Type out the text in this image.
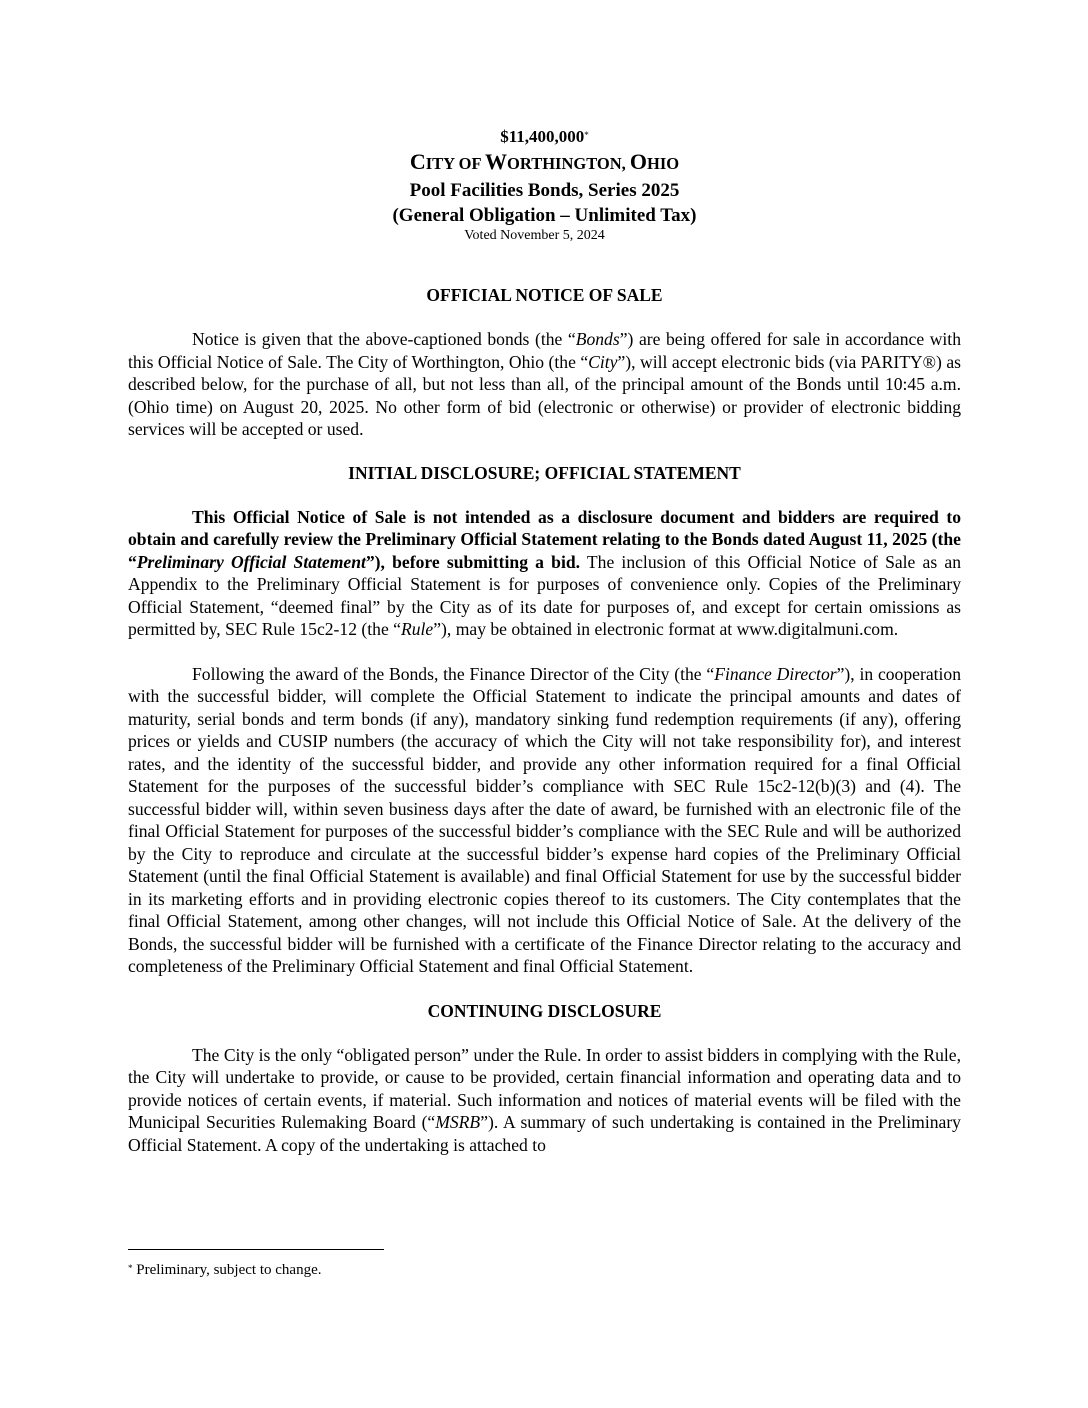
$11,400,000*
CITY OF WORTHINGTON, OHIO
Pool Facilities Bonds, Series 2025
(General Obligation – Unlimited Tax)
Voted November 5, 2024
OFFICIAL NOTICE OF SALE

Notice is given that the above-captioned bonds (the “Bonds”) are being offered for sale in accordance with this Official Notice of Sale. The City of Worthington, Ohio (the “City”), will accept electronic bids (via PARITY®) as described below, for the purchase of all, but not less than all, of the principal amount of the Bonds until 10:45 a.m. (Ohio time) on August 20, 2025. No other form of bid (electronic or otherwise) or provider of electronic bidding services will be accepted or used.

INITIAL DISCLOSURE; OFFICIAL STATEMENT

This Official Notice of Sale is not intended as a disclosure document and bidders are required to obtain and carefully review the Preliminary Official Statement relating to the Bonds dated August 11, 2025 (the “Preliminary Official Statement”), before submitting a bid. The inclusion of this Official Notice of Sale as an Appendix to the Preliminary Official Statement is for purposes of convenience only. Copies of the Preliminary Official Statement, “deemed final” by the City as of its date for purposes of, and except for certain omissions as permitted by, SEC Rule 15c2-12 (the “Rule”), may be obtained in electronic format at www.digitalmuni.com.

Following the award of the Bonds, the Finance Director of the City (the “Finance Director”), in cooperation with the successful bidder, will complete the Official Statement to indicate the principal amounts and dates of maturity, serial bonds and term bonds (if any), mandatory sinking fund redemption requirements (if any), offering prices or yields and CUSIP numbers (the accuracy of which the City will not take responsibility for), and interest rates, and the identity of the successful bidder, and provide any other information required for a final Official Statement for the purposes of the successful bidder’s compliance with SEC Rule 15c2-12(b)(3) and (4). The successful bidder will, within seven business days after the date of award, be furnished with an electronic file of the final Official Statement for purposes of the successful bidder’s compliance with the SEC Rule and will be authorized by the City to reproduce and circulate at the successful bidder’s expense hard copies of the Preliminary Official Statement (until the final Official Statement is available) and final Official Statement for use by the successful bidder in its marketing efforts and in providing electronic copies thereof to its customers. The City contemplates that the final Official Statement, among other changes, will not include this Official Notice of Sale. At the delivery of the Bonds, the successful bidder will be furnished with a certificate of the Finance Director relating to the accuracy and completeness of the Preliminary Official Statement and final Official Statement.

CONTINUING DISCLOSURE

The City is the only “obligated person” under the Rule. In order to assist bidders in complying with the Rule, the City will undertake to provide, or cause to be provided, certain financial information and operating data and to provide notices of certain events, if material. Such information and notices of material events will be filed with the Municipal Securities Rulemaking Board (“MSRB”). A summary of such undertaking is contained in the Preliminary Official Statement. A copy of the undertaking is attached to

* Preliminary, subject to change.
